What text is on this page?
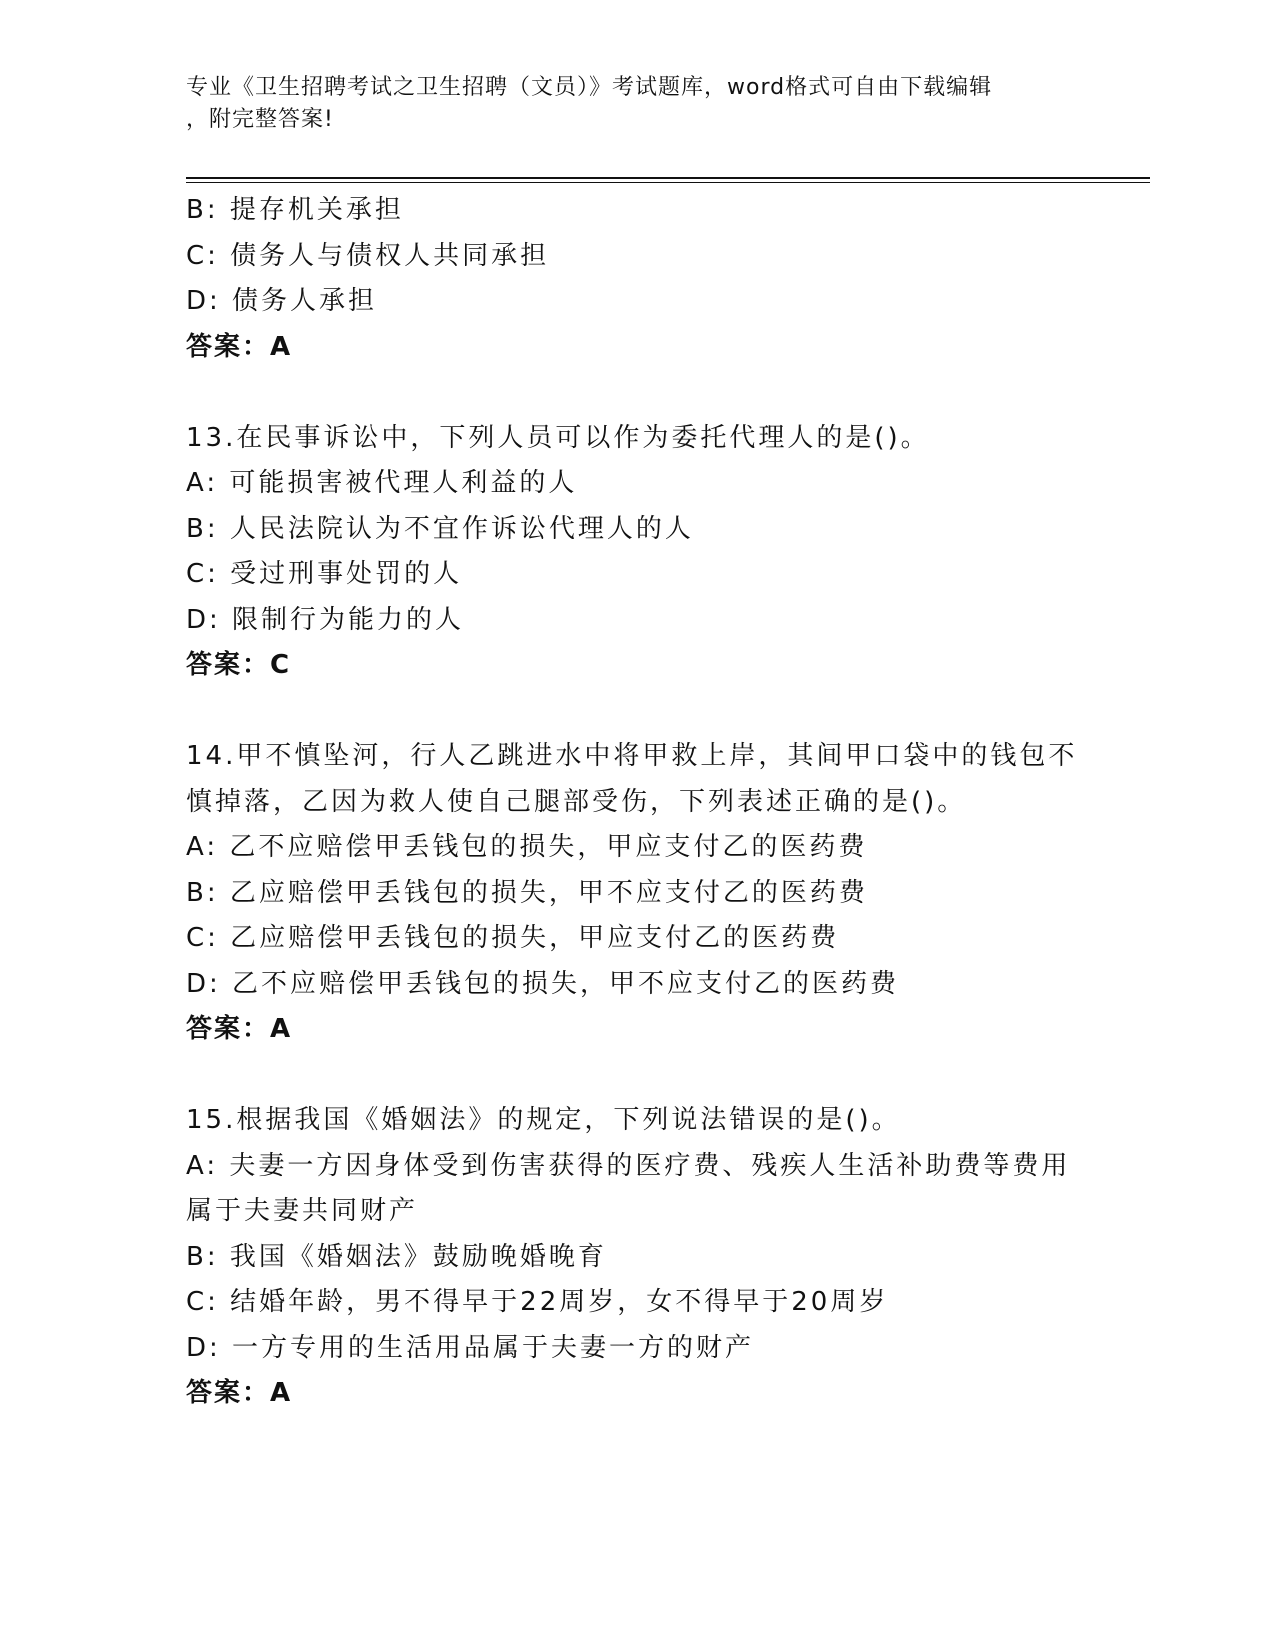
专业《卫生招聘考试之卫生招聘（文员）》考试题库，word格式可自由下载编辑

，附完整答案!

B: 提存机关承担
C: 债务人与债权人共同承担
D: 债务人承担
答案：A
13.在民事诉讼中，下列人员可以作为委托代理人的是()。
A: 可能损害被代理人利益的人
B: 人民法院认为不宜作诉讼代理人的人
C: 受过刑事处罚的人
D: 限制行为能力的人
答案：C
14.甲不慎坠河，行人乙跳进水中将甲救上岸，其间甲口袋中的钱包不
慎掉落，乙因为救人使自己腿部受伤，下列表述正确的是()。
A: 乙不应赔偿甲丢钱包的损失，甲应支付乙的医药费
B: 乙应赔偿甲丢钱包的损失，甲不应支付乙的医药费
C: 乙应赔偿甲丢钱包的损失，甲应支付乙的医药费
D: 乙不应赔偿甲丢钱包的损失，甲不应支付乙的医药费
答案：A
15.根据我国《婚姻法》的规定，下列说法错误的是()。
A: 夫妻一方因身体受到伤害获得的医疗费、残疾人生活补助费等费用
属于夫妻共同财产
B: 我国《婚姻法》鼓励晚婚晚育
C: 结婚年龄，男不得早于22周岁，女不得早于20周岁
D: 一方专用的生活用品属于夫妻一方的财产
答案：A
